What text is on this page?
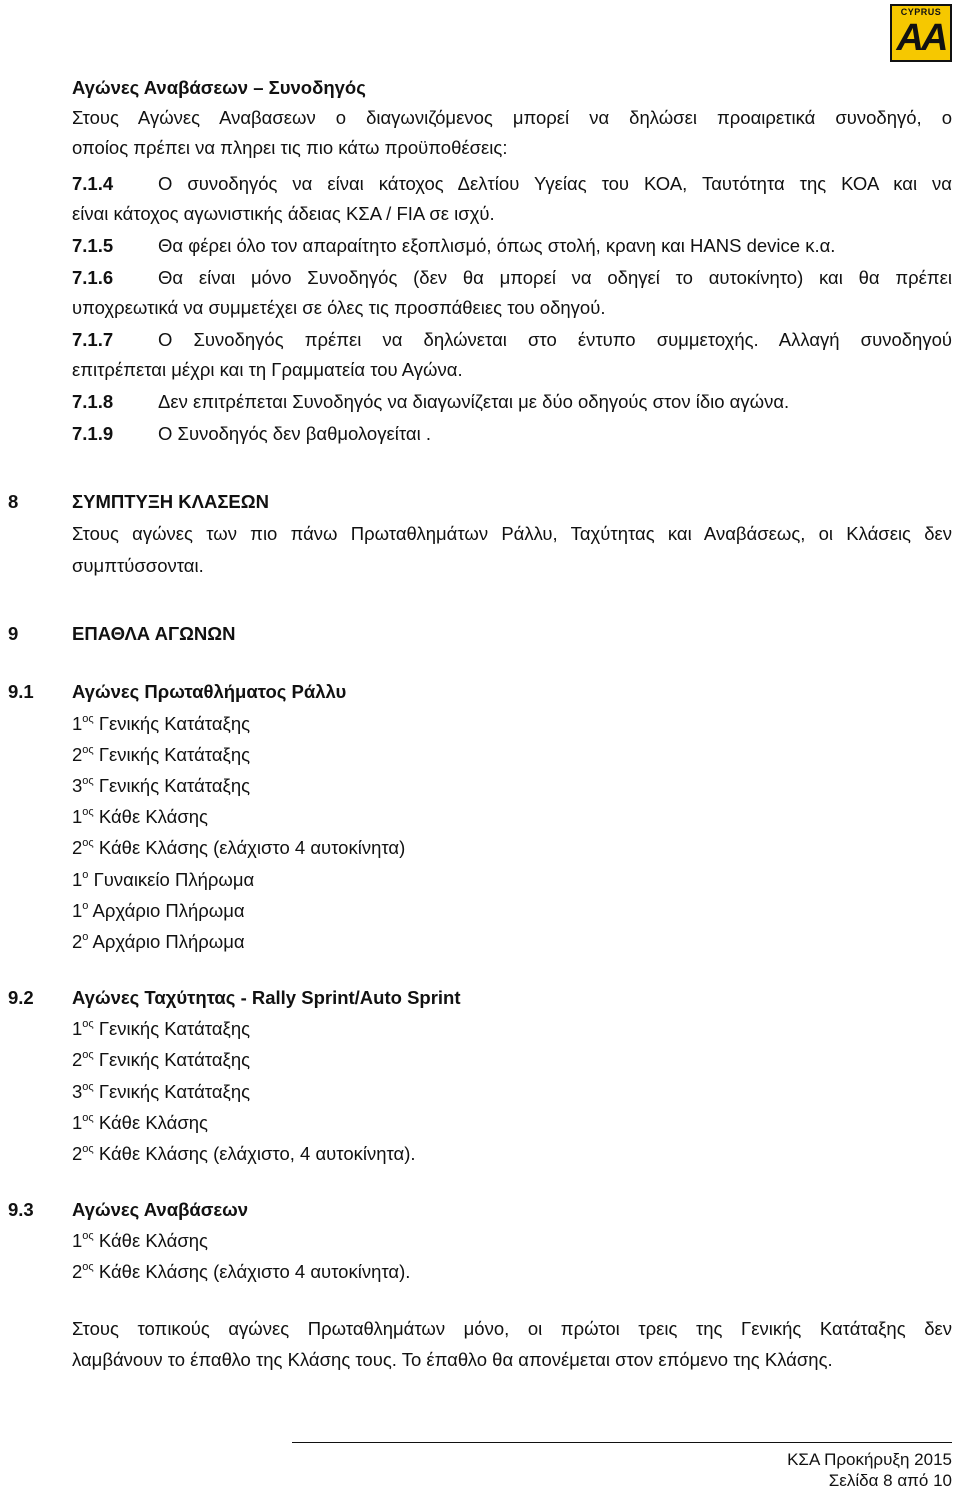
CYPRUS
AA
Αγώνες Αναβάσεων – Συνοδηγός
Στους Αγώνες Αναβασεων ο διαγωνιζόμενος μπορεί να δηλώσει προαιρετικά συνοδηγό, ο
οποίος πρέπει να πληρει τις πιο κάτω προϋποθέσεις:
7.1.4 Ο συνοδηγός να είναι κάτοχος Δελτίου Υγείας του ΚΟΑ, Ταυτότητα της ΚΟΑ και να
είναι κάτοχος αγωνιστικής άδειας ΚΣΑ / FIA σε ισχύ.
7.1.5 Θα φέρει όλο τον απαραίτητο εξοπλισμό, όπως στολή, κρανη και HANS device κ.α.
7.1.6 Θα είναι μόνο Συνοδηγός (δεν θα μπορεί να οδηγεί το αυτοκίνητο) και θα πρέπει
υποχρεωτικά να συμμετέχει σε όλες τις προσπάθειες του οδηγού.
7.1.7 Ο Συνοδηγός πρέπει να δηλώνεται στο έντυπο συμμετοχής. Αλλαγή συνοδηγού
επιτρέπεται μέχρι και τη Γραμματεία του Αγώνα.
7.1.8 Δεν επιτρέπεται Συνοδηγός να διαγωνίζεται με δύο οδηγούς στον ίδιο αγώνα.
7.1.9 Ο Συνοδηγός δεν βαθμολογείται .
8	ΣΥΜΠΤΥΞΗ ΚΛΑΣΕΩΝ
Στους αγώνες των πιο πάνω Πρωταθλημάτων Ράλλυ, Ταχύτητας και Αναβάσεως, οι Κλάσεις δεν
συμπτύσσονται.
9	ΕΠΑΘΛΑ ΑΓΩΝΩΝ
9.1 Αγώνες Πρωταθλήματος Ράλλυ
$1^{o\varsigma}$ Γενικής Κατάταξης
$2^{o\varsigma}$ Γενικής Κατάταξης
$3^{o\varsigma}$ Γενικής Κατάταξης
$1^{o\varsigma}$ Κάθε Κλάσης
$2^{o\varsigma}$ Κάθε Κλάσης (ελάχιστο 4 αυτοκίνητα)
$1^o$ Γυναικείο Πλήρωμα
$1^o$ Αρχάριο Πλήρωμα
$2^o$ Αρχάριο Πλήρωμα
9.2 Αγώνες Ταχύτητας - Rally Sprint/Auto Sprint
$1^{o\varsigma}$ Γενικής Κατάταξης
$2^{o\varsigma}$ Γενικής Κατάταξης
$3^{o\varsigma}$ Γενικής Κατάταξης
$1^{o\varsigma}$ Κάθε Κλάσης
$2^{o\varsigma}$ Κάθε Κλάσης (ελάχιστο, 4 αυτοκίνητα).
9.3 Αγώνες Αναβάσεων
$1^{o\varsigma}$ Κάθε Κλάσης
$2^{o\varsigma}$ Κάθε Κλάσης (ελάχιστο 4 αυτοκίνητα).
Στους τοπικούς αγώνες Πρωταθλημάτων μόνο, οι πρώτοι τρεις της Γενικής Κατάταξης δεν
λαμβάνουν το έπαθλο της Κλάσης τους. Το έπαθλο θα απονέμεται στον επόμενο της Κλάσης.
ΚΣΑ Προκήρυξη 2015
Σελίδα 8 από 10
